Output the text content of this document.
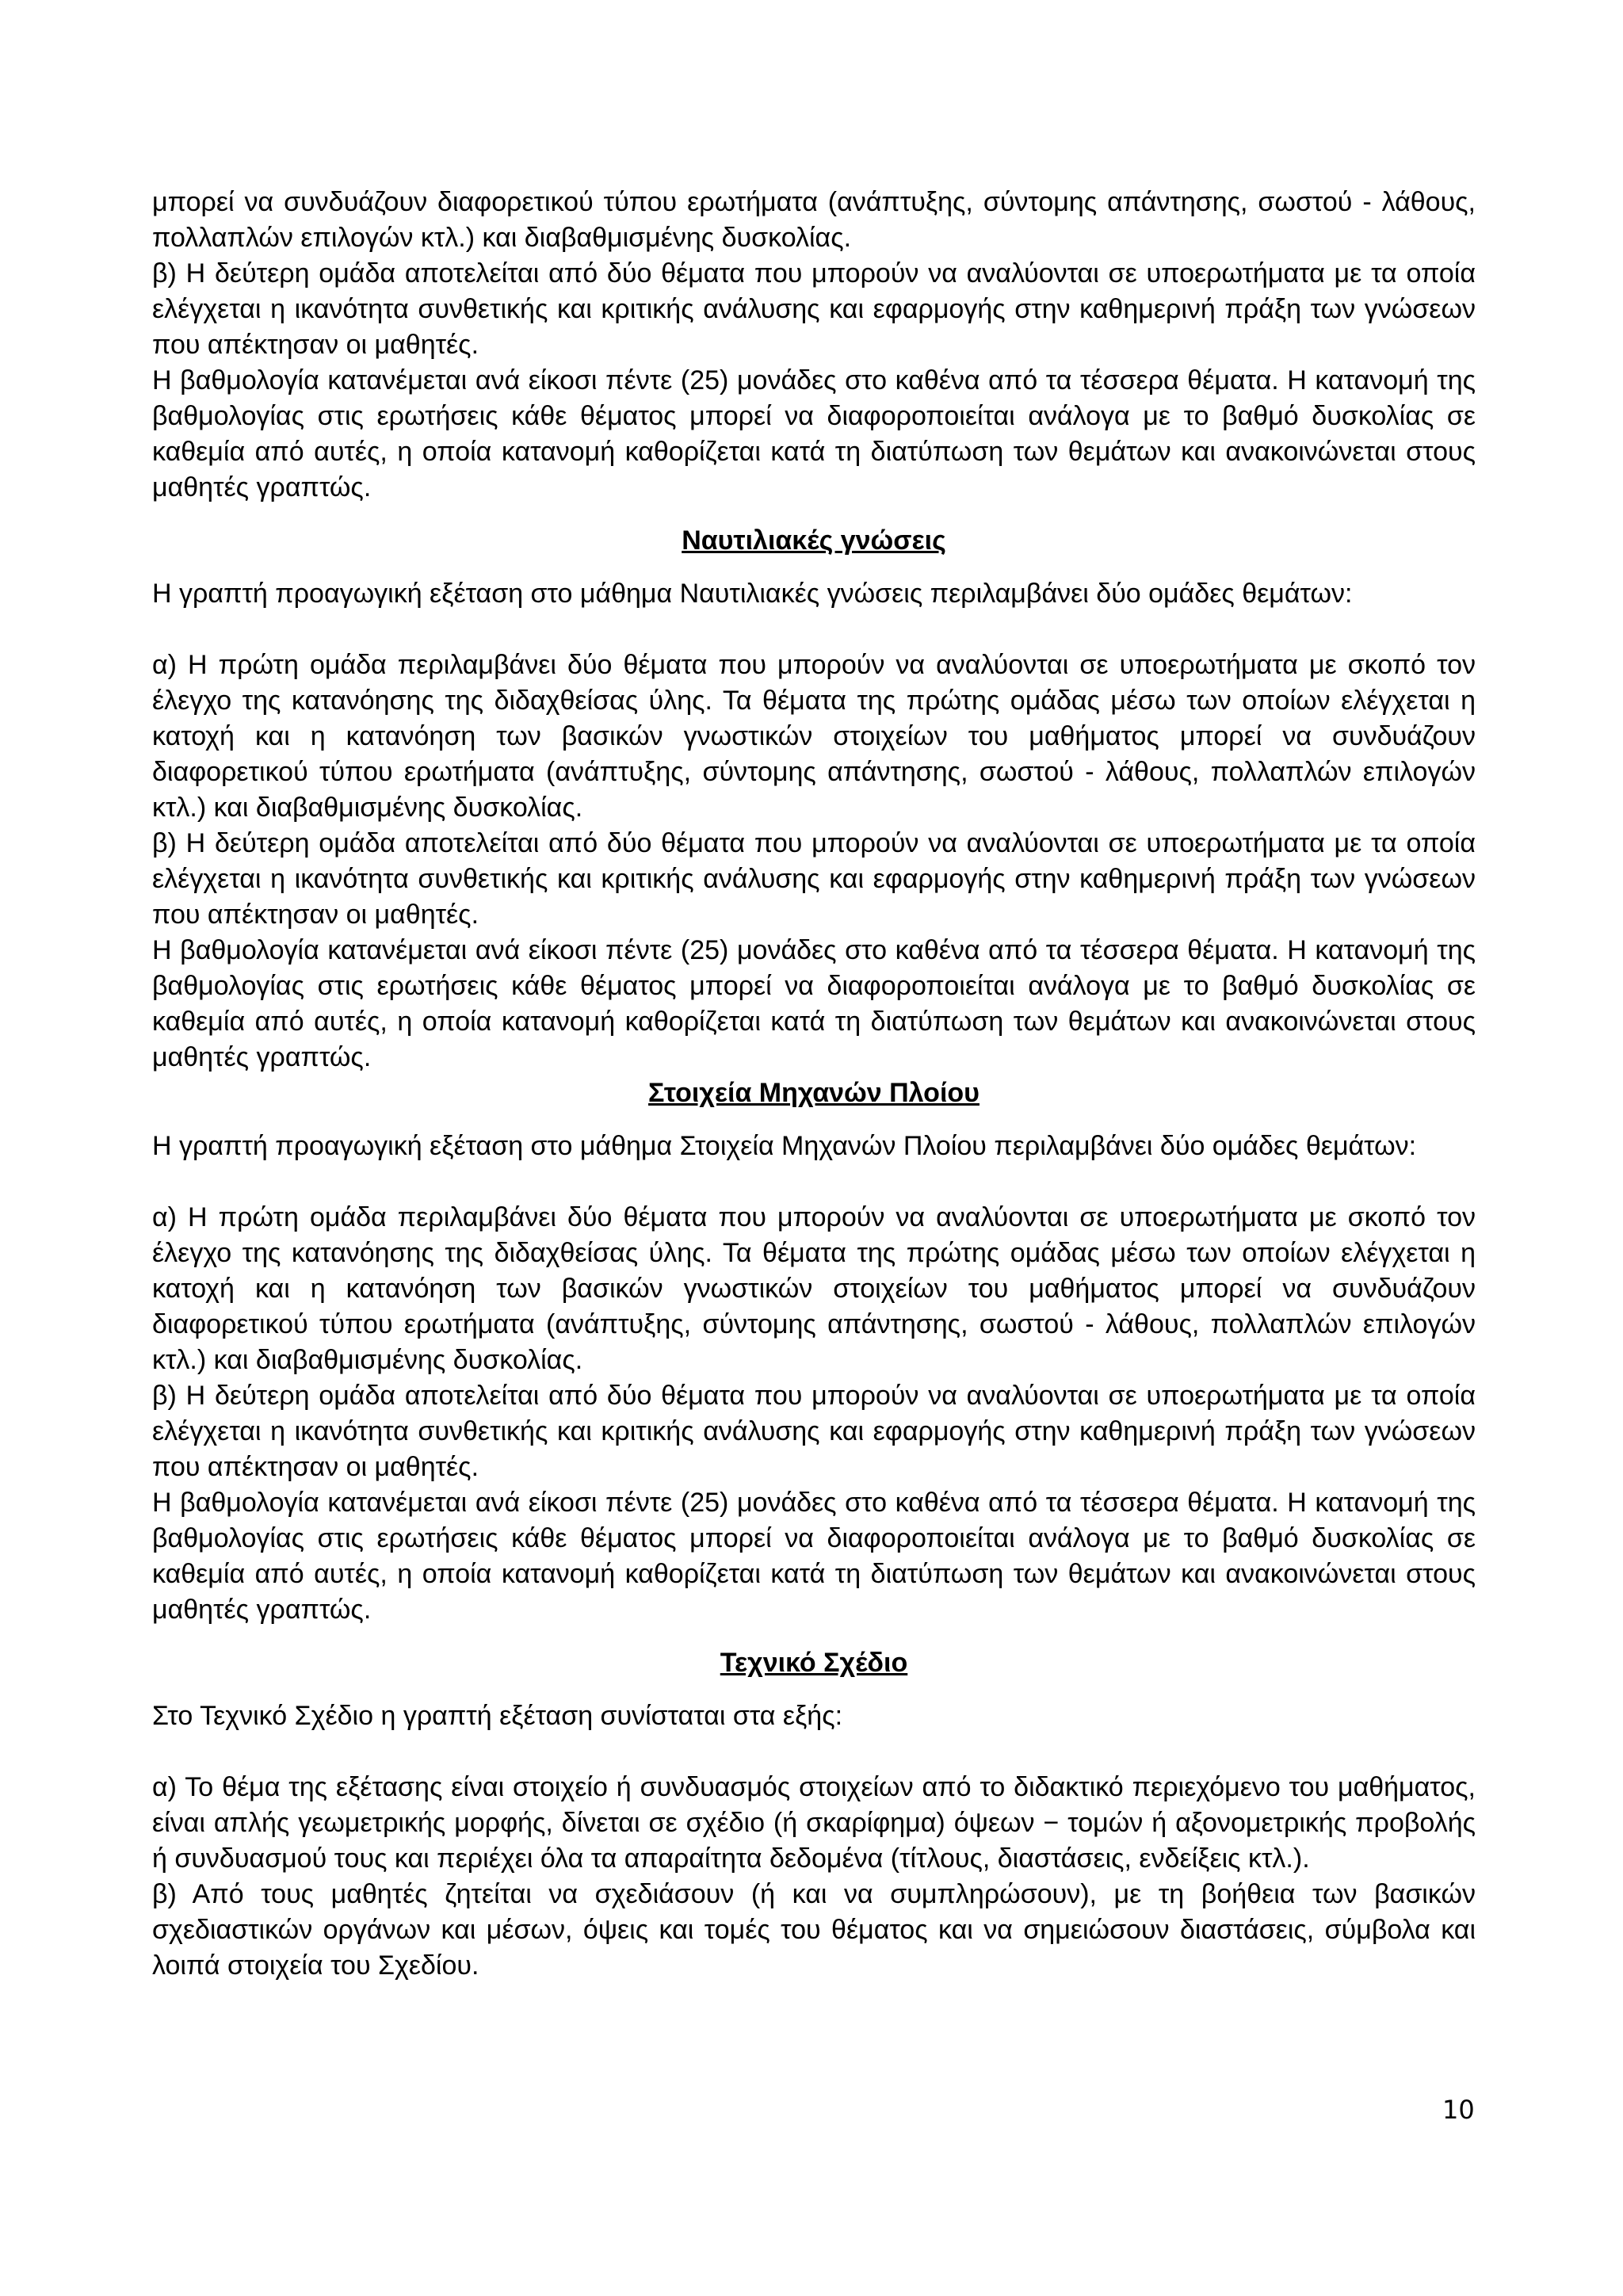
μπορεί να συνδυάζουν διαφορετικού τύπου ερωτήματα (ανάπτυξης, σύντομης απάντησης, σωστού - λάθους, πολλαπλών επιλογών κτλ.) και διαβαθμισμένης δυσκολίας.

β) Η δεύτερη ομάδα αποτελείται από δύο θέματα που μπορούν να αναλύονται σε υποερωτήματα με τα οποία ελέγχεται η ικανότητα συνθετικής και κριτικής ανάλυσης και εφαρμογής στην καθημερινή πράξη των γνώσεων που απέκτησαν οι μαθητές.

Η βαθμολογία κατανέμεται ανά είκοσι πέντε (25) μονάδες στο καθένα από τα τέσσερα θέματα. Η κατανομή της βαθμολογίας στις ερωτήσεις κάθε θέματος μπορεί να διαφοροποιείται ανάλογα με το βαθμό δυσκολίας σε καθεμία από αυτές, η οποία κατανομή καθορίζεται κατά τη διατύπωση των θεμάτων και ανακοινώνεται στους μαθητές γραπτώς.

Ναυτιλιακές γνώσεις

Η γραπτή προαγωγική εξέταση στο μάθημα Ναυτιλιακές γνώσεις περιλαμβάνει δύο ομάδες θεμάτων:

α) Η πρώτη ομάδα περιλαμβάνει δύο θέματα που μπορούν να αναλύονται σε υποερωτήματα με σκοπό τον έλεγχο της κατανόησης της διδαχθείσας ύλης. Τα θέματα της πρώτης ομάδας μέσω των οποίων ελέγχεται η κατοχή και η κατανόηση των βασικών γνωστικών στοιχείων του μαθήματος μπορεί να συνδυάζουν διαφορετικού τύπου ερωτήματα (ανάπτυξης, σύντομης απάντησης, σωστού - λάθους, πολλαπλών επιλογών κτλ.) και διαβαθμισμένης δυσκολίας.

β) Η δεύτερη ομάδα αποτελείται από δύο θέματα που μπορούν να αναλύονται σε υποερωτήματα με τα οποία ελέγχεται η ικανότητα συνθετικής και κριτικής ανάλυσης και εφαρμογής στην καθημερινή πράξη των γνώσεων που απέκτησαν οι μαθητές.

Η βαθμολογία κατανέμεται ανά είκοσι πέντε (25) μονάδες στο καθένα από τα τέσσερα θέματα. Η κατανομή της βαθμολογίας στις ερωτήσεις κάθε θέματος μπορεί να διαφοροποιείται ανάλογα με το βαθμό δυσκολίας σε καθεμία από αυτές, η οποία κατανομή καθορίζεται κατά τη διατύπωση των θεμάτων και ανακοινώνεται στους μαθητές γραπτώς.

Στοιχεία Μηχανών Πλοίου

Η γραπτή προαγωγική εξέταση στο μάθημα Στοιχεία Μηχανών Πλοίου περιλαμβάνει δύο ομάδες θεμάτων:

α) Η πρώτη ομάδα περιλαμβάνει δύο θέματα που μπορούν να αναλύονται σε υποερωτήματα με σκοπό τον έλεγχο της κατανόησης της διδαχθείσας ύλης. Τα θέματα της πρώτης ομάδας μέσω των οποίων ελέγχεται η κατοχή και η κατανόηση των βασικών γνωστικών στοιχείων του μαθήματος μπορεί να συνδυάζουν διαφορετικού τύπου ερωτήματα (ανάπτυξης, σύντομης απάντησης, σωστού - λάθους, πολλαπλών επιλογών κτλ.) και διαβαθμισμένης δυσκολίας.

β) Η δεύτερη ομάδα αποτελείται από δύο θέματα που μπορούν να αναλύονται σε υποερωτήματα με τα οποία ελέγχεται η ικανότητα συνθετικής και κριτικής ανάλυσης και εφαρμογής στην καθημερινή πράξη των γνώσεων που απέκτησαν οι μαθητές.

Η βαθμολογία κατανέμεται ανά είκοσι πέντε (25) μονάδες στο καθένα από τα τέσσερα θέματα. Η κατανομή της βαθμολογίας στις ερωτήσεις κάθε θέματος μπορεί να διαφοροποιείται ανάλογα με το βαθμό δυσκολίας σε καθεμία από αυτές, η οποία κατανομή καθορίζεται κατά τη διατύπωση των θεμάτων και ανακοινώνεται στους μαθητές γραπτώς.

Τεχνικό Σχέδιο

Στο Τεχνικό Σχέδιο η γραπτή εξέταση συνίσταται στα εξής:

α) Το θέμα της εξέτασης είναι στοιχείο ή συνδυασμός στοιχείων από το διδακτικό περιεχόμενο του μαθήματος, είναι απλής γεωμετρικής μορφής, δίνεται σε σχέδιο (ή σκαρίφημα) όψεων − τομών ή αξονομετρικής προβολής ή συνδυασμού τους και περιέχει όλα τα απαραίτητα δεδομένα (τίτλους, διαστάσεις, ενδείξεις κτλ.).

β) Από τους μαθητές ζητείται να σχεδιάσουν (ή και να συμπληρώσουν), με τη βοήθεια των βασικών σχεδιαστικών οργάνων και μέσων, όψεις και τομές του θέματος και να σημειώσουν διαστάσεις, σύμβολα και λοιπά στοιχεία του Σχεδίου.

10
